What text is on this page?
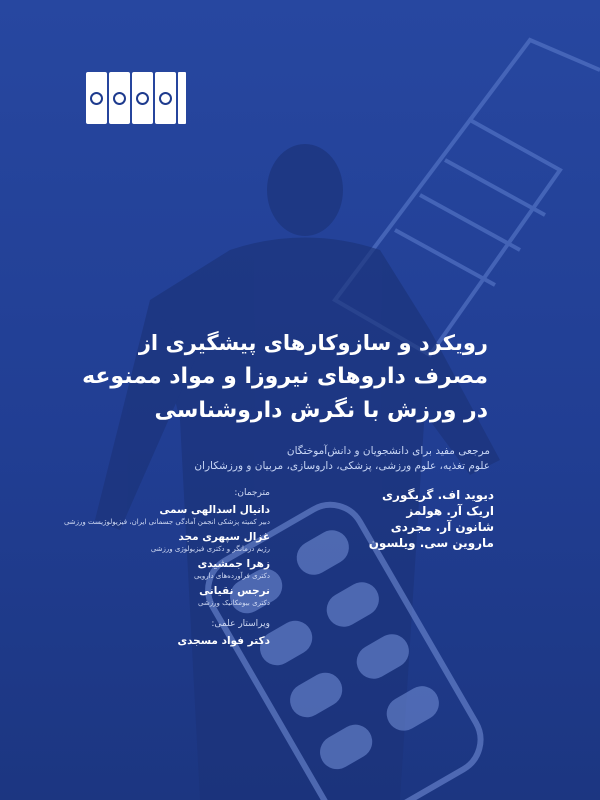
رویکرد و سازوکارهای پیشگیری از
مصرف داروهای نیروزا و مواد ممنوعه
در ورزش با نگرش داروشناسی
مرجعی مفید برای دانشجویان و دانش‌آموختگان
علوم تغذیه، علوم ورزشی، پزشکی، داروسازی، مربیان و ورزشکاران
دیوید اف. گریگوری
اریک آر. هولمز
شانون آر. مجردی
ماروین سی. ویلسون
مترجمان:
دانیال اسدالهی سمی
دبیر کمیته پزشکی انجمن آمادگی جسمانی ایران، فیزیولوژیست ورزشی
غزال سپهری مجد
رژیم درمانگر و دکتری فیزیولوژی ورزشی
زهرا جمشیدی
دکتری فرآورده‌های دارویی
نرجس نقیانی
دکتری بیومکانیک ورزشی
ویراستار علمی:
دکتر فواد مسجدی
